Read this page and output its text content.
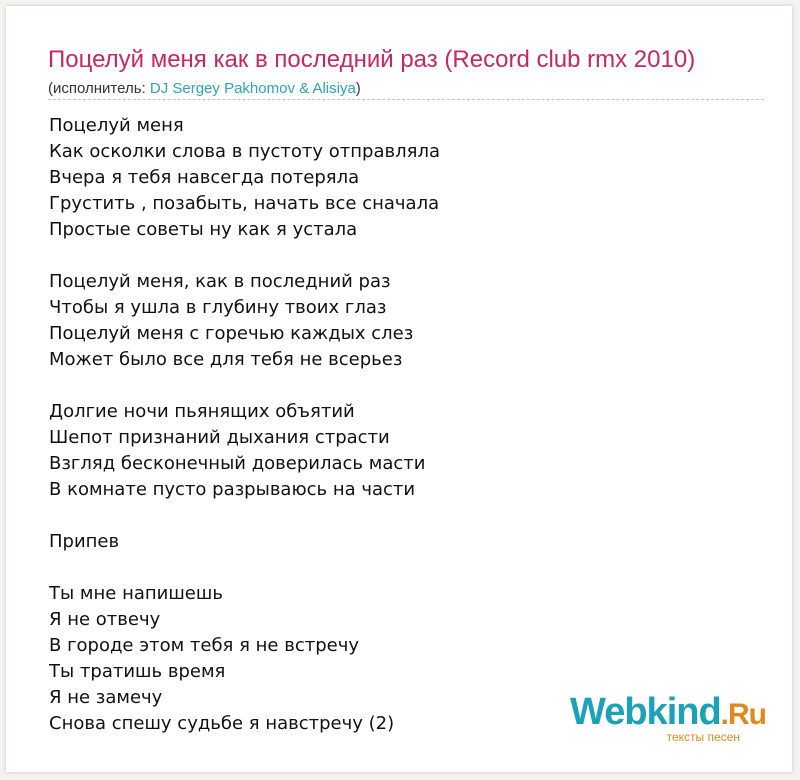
Поцелуй меня как в последний раз (Record club rmx 2010)
(исполнитель: DJ Sergey Pakhomov & Alisiya)
Поцелуй меня
Как осколки слова в пустоту отправляла
Вчера я тебя навсегда потеряла
Грустить , позабыть, начать все сначала
Простые советы ну как я устала
Поцелуй меня, как в последний раз
Чтобы я ушла в глубину твоих глаз
Поцелуй меня с горечью каждых слез
Может было все для тебя не всерьез
Долгие ночи пьянящих объятий
Шепот признаний дыхания страсти
Взгляд бесконечный доверилась масти
В комнате пусто разрываюсь на части
Припев
Ты мне напишешь
Я не отвечу
В городе этом тебя я не встречу
Ты тратишь время
Я не замечу
Снова спешу судьбе я навстречу (2)	Webkind.Ru
тексты песен
